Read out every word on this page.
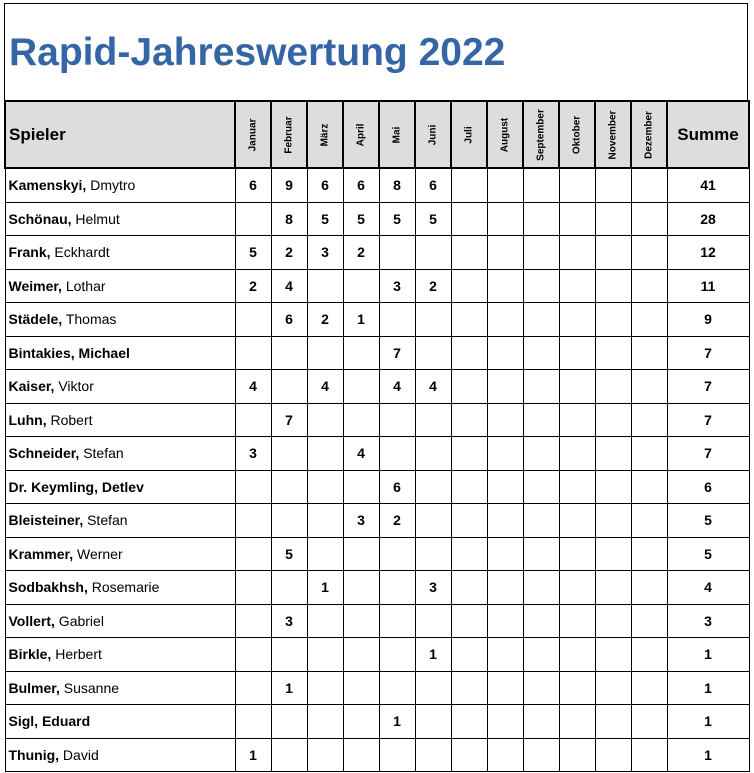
Rapid-Jahreswertung 2022
Spieler	Januar	Februar	März	April	Mai	Juni	Juli	August	September	Oktober	November	Dezember	Summe
Kamenskyi, Dmytro	6	9	6	6	8	6							41
Schönau, Helmut		8	5	5	5	5							28
Frank, Eckhardt	5	2	3	2									12
Weimer, Lothar	2	4			3	2							11
Städele, Thomas		6	2	1									9
Bintakies, Michael					7								7
Kaiser, Viktor	4		4		4	4							7
Luhn, Robert		7											7
Schneider, Stefan	3			4									7
Dr. Keymling, Detlev					6								6
Bleisteiner, Stefan				3	2								5
Krammer, Werner		5											5
Sodbakhsh, Rosemarie			1			3							4
Vollert, Gabriel		3											3
Birkle, Herbert						1							1
Bulmer, Susanne		1											1
Sigl, Eduard					1								1
Thunig, David	1												1
